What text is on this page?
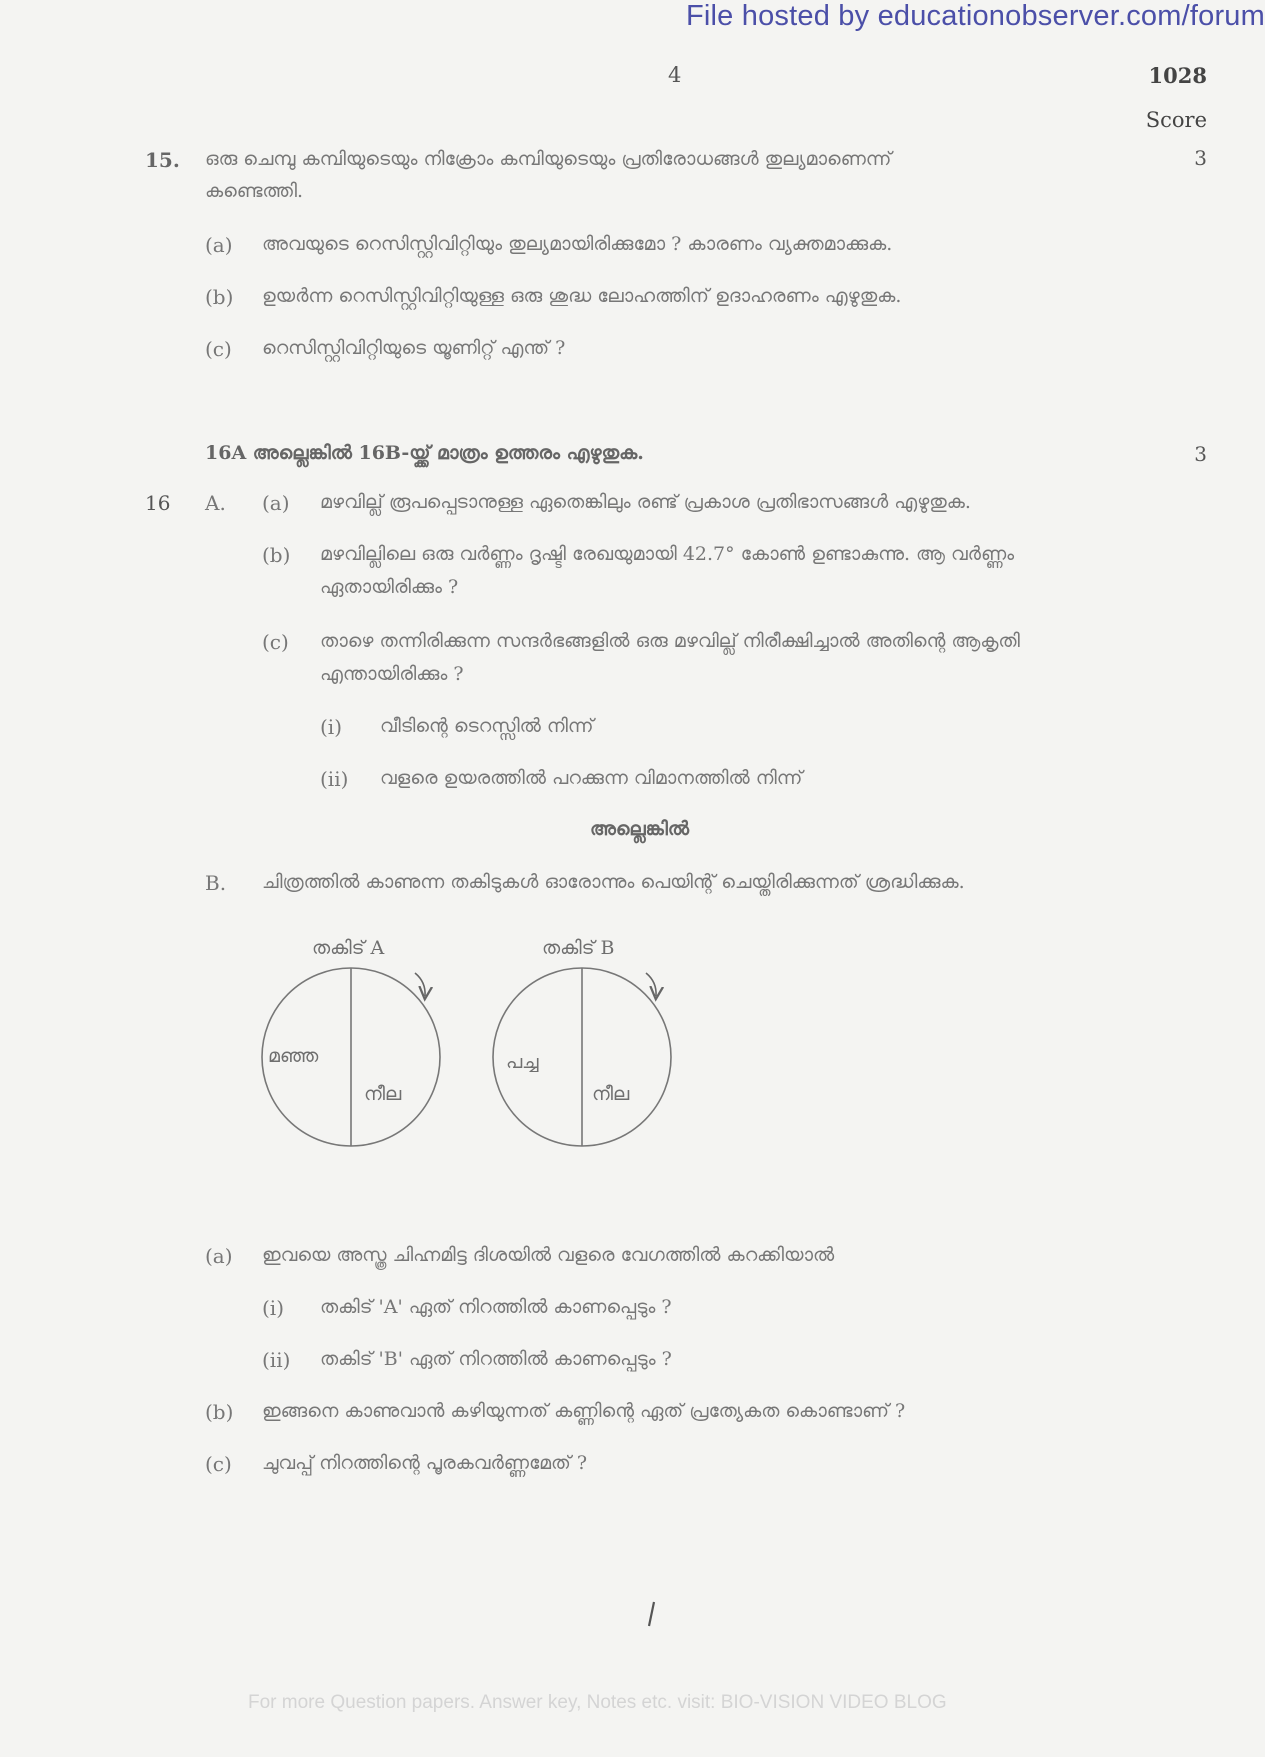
File hosted by educationobserver.com/forum
4	1028
Score
15. ഒരു ചെമ്പു കമ്പിയുടെയും നിക്രോം കമ്പിയുടെയും പ്രതിരോധങ്ങൾ തുല്യമാണെന്ന്
കണ്ടെത്തി.
3
(a) അവയുടെ റെസിസ്റ്റിവിറ്റിയും തുല്യമായിരിക്കുമോ ? കാരണം വ്യക്തമാക്കുക.
(b) ഉയർന്ന റെസിസ്റ്റിവിറ്റിയുള്ള ഒരു ശുദ്ധ ലോഹത്തിന് ഉദാഹരണം എഴുതുക.
(c) റെസിസ്റ്റിവിറ്റിയുടെ യൂണിറ്റ് എന്ത് ?
16A അല്ലെങ്കിൽ 16B-യ്ക്ക് മാത്രം ഉത്തരം എഴുതുക.	3
16 A. (a) മഴവില്ല് രൂപപ്പെടാനുള്ള ഏതെങ്കിലും രണ്ട് പ്രകാശ പ്രതിഭാസങ്ങൾ എഴുതുക.
(b) മഴവില്ലിലെ ഒരു വർണ്ണം ദൃഷ്ടി രേഖയുമായി 42.7° കോൺ ഉണ്ടാകുന്നു. ആ വർണ്ണം
ഏതായിരിക്കും ?
(c) താഴെ തന്നിരിക്കുന്ന സന്ദർഭങ്ങളിൽ ഒരു മഴവില്ല് നിരീക്ഷിച്ചാൽ അതിന്റെ ആകൃതി
എന്തായിരിക്കും ?
(i) വീടിന്റെ ടെറസ്സിൽ നിന്ന്
(ii) വളരെ ഉയരത്തിൽ പറക്കുന്ന വിമാനത്തിൽ നിന്ന്
അല്ലെങ്കിൽ
B. ചിത്രത്തിൽ കാണുന്ന തകിടുകൾ ഓരോന്നും പെയിന്റ് ചെയ്തിരിക്കുന്നത് ശ്രദ്ധിക്കുക.
തകിട് A
മഞ്ഞ
നീല
തകിട് B
പച്ച
നീല
(a) ഇവയെ അസ്ത്ര ചിഹ്നമിട്ട ദിശയിൽ വളരെ വേഗത്തിൽ കറക്കിയാൽ
(i) തകിട് 'A' ഏത് നിറത്തിൽ കാണപ്പെടും ?
(ii) തകിട് 'B' ഏത് നിറത്തിൽ കാണപ്പെടും ?
(b) ഇങ്ങനെ കാണുവാൻ കഴിയുന്നത് കണ്ണിന്റെ ഏത് പ്രത്യേകത കൊണ്ടാണ് ?
(c) ചുവപ്പ് നിറത്തിന്റെ പൂരകവർണ്ണമേത് ?
For more Question papers. Answer key, Notes etc. visit: BIO-VISION VIDEO BLOG
